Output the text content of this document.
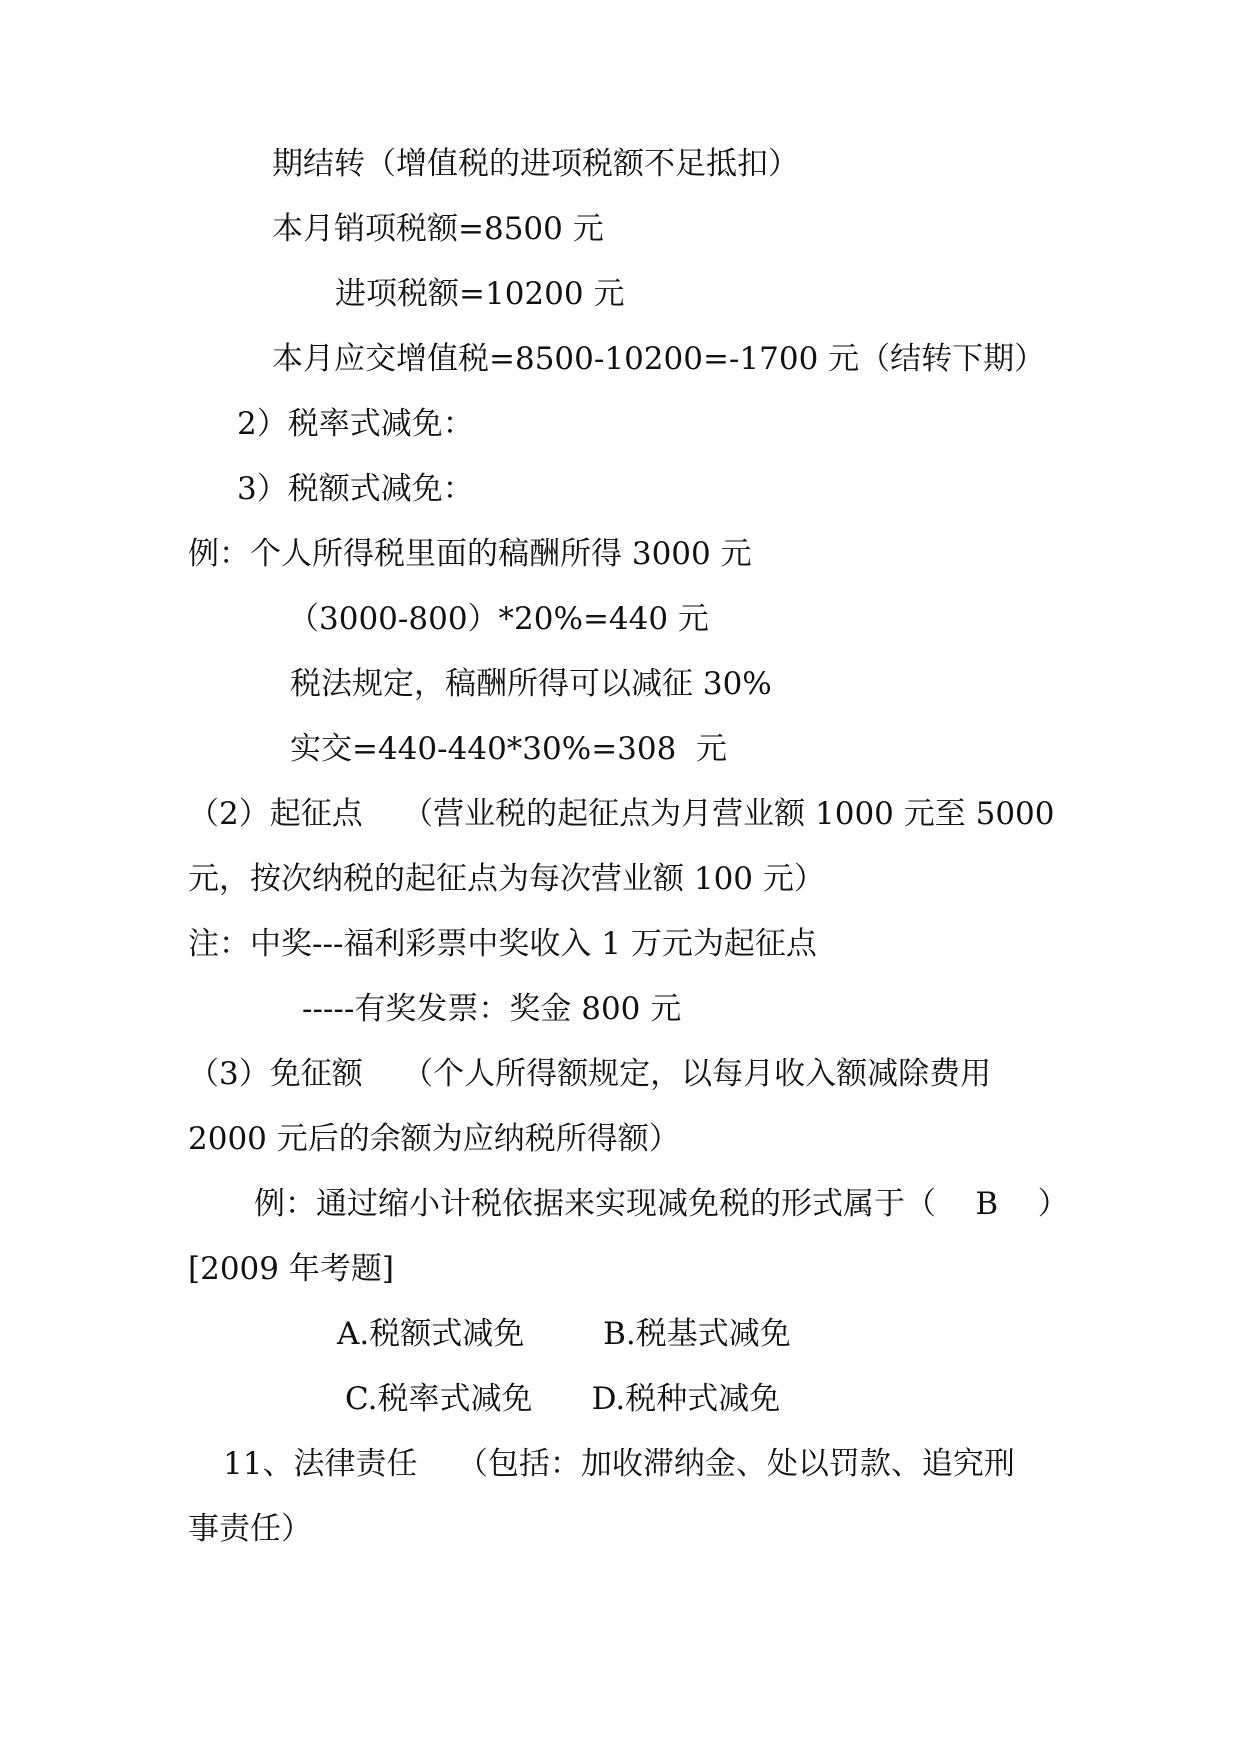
期结转（增值税的进项税额不足抵扣）

本月销项税额=8500 元

进项税额=10200 元

本月应交增值税=8500-10200=-1700 元（结转下期）

2）税率式减免：

3）税额式减免：

例：个人所得税里面的稿酬所得 3000 元

（3000-800）*20%=440 元

税法规定，稿酬所得可以减征 30%

实交=440-440*30%=308  元

（2）起征点    （营业税的起征点为月营业额 1000 元至 5000

元，按次纳税的起征点为每次营业额 100 元）

注：中奖---福利彩票中奖收入 1 万元为起征点

-----有奖发票：奖金 800 元

（3）免征额    （个人所得额规定，以每月收入额减除费用

2000 元后的余额为应纳税所得额）

例：通过缩小计税依据来实现减免税的形式属于（    B    ）

[2009 年考题]

A.税额式减免        B.税基式减免

C.税率式减免      D.税种式减免

11、法律责任    （包括：加收滞纳金、处以罚款、追究刑

事责任）
